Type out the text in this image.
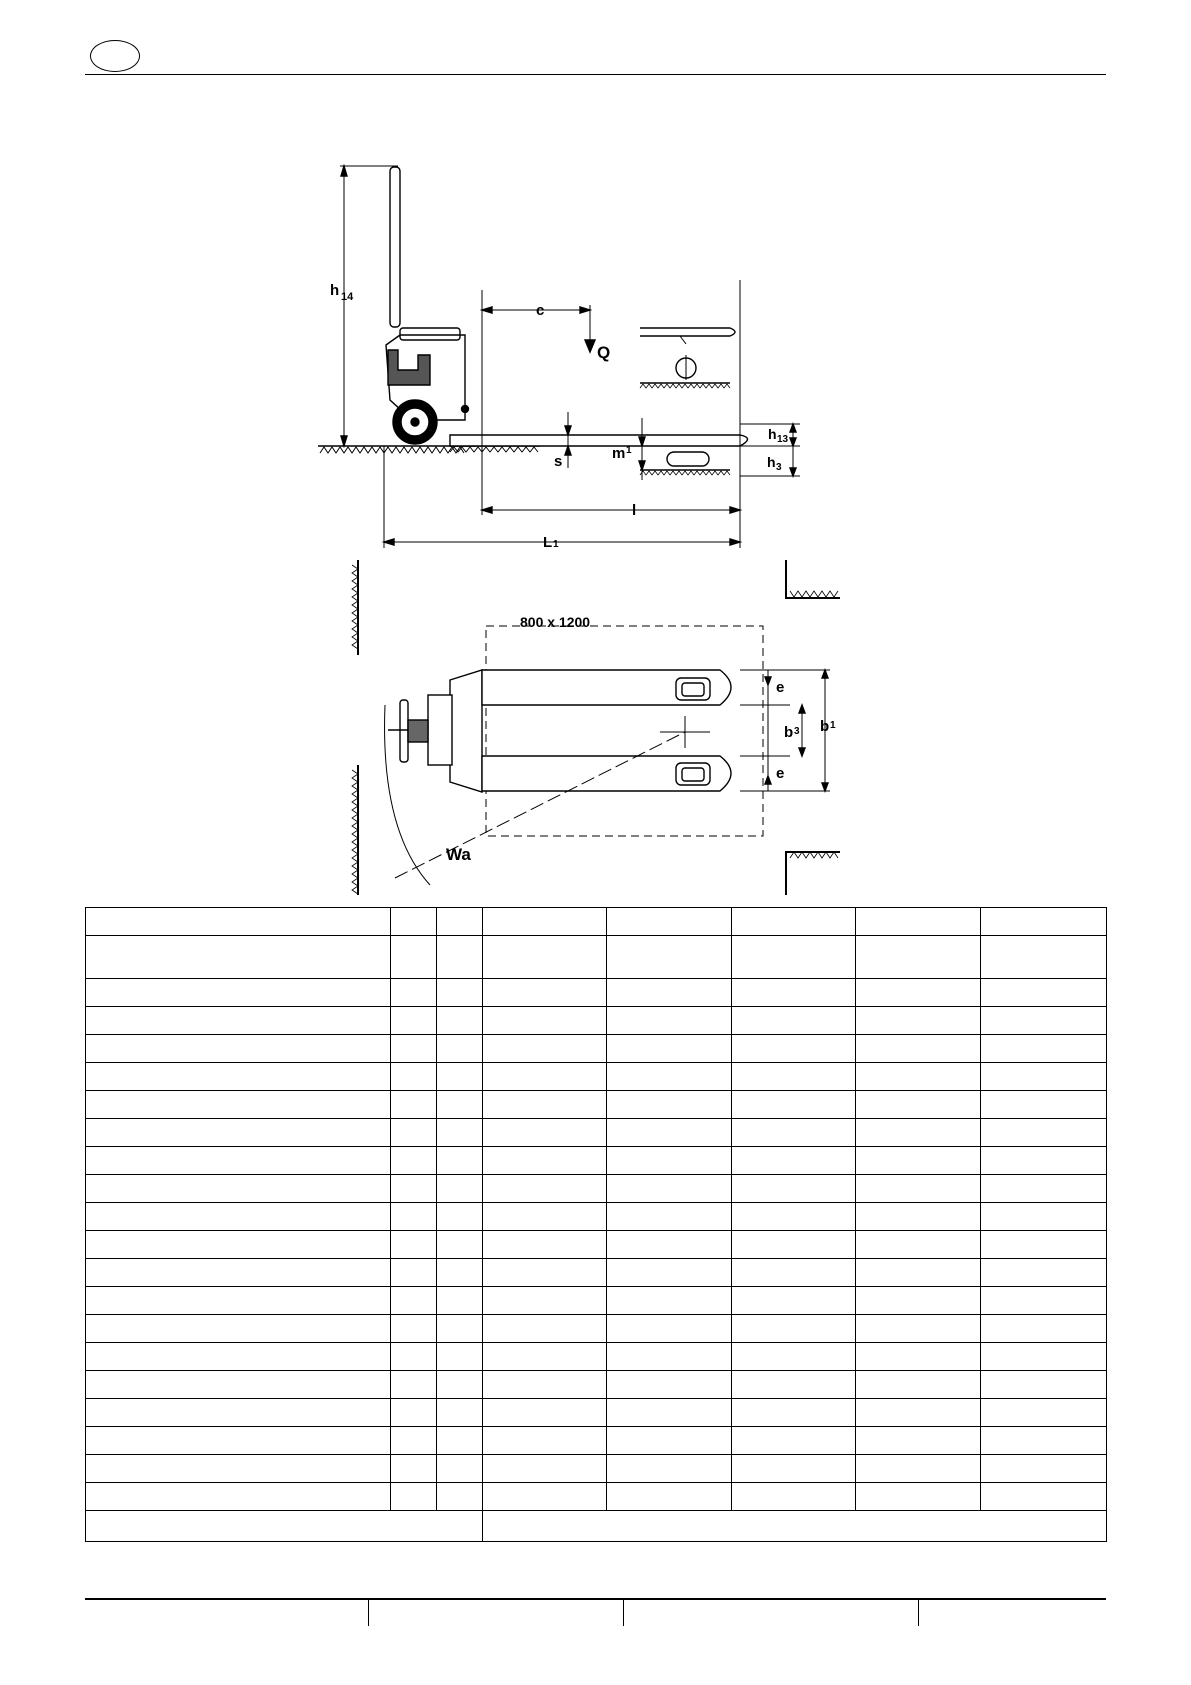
h 14
c
Q
s	m 1
h 13
h 3
l
L 1
800 x 1200
e
b 3 b 1
e
Wa
